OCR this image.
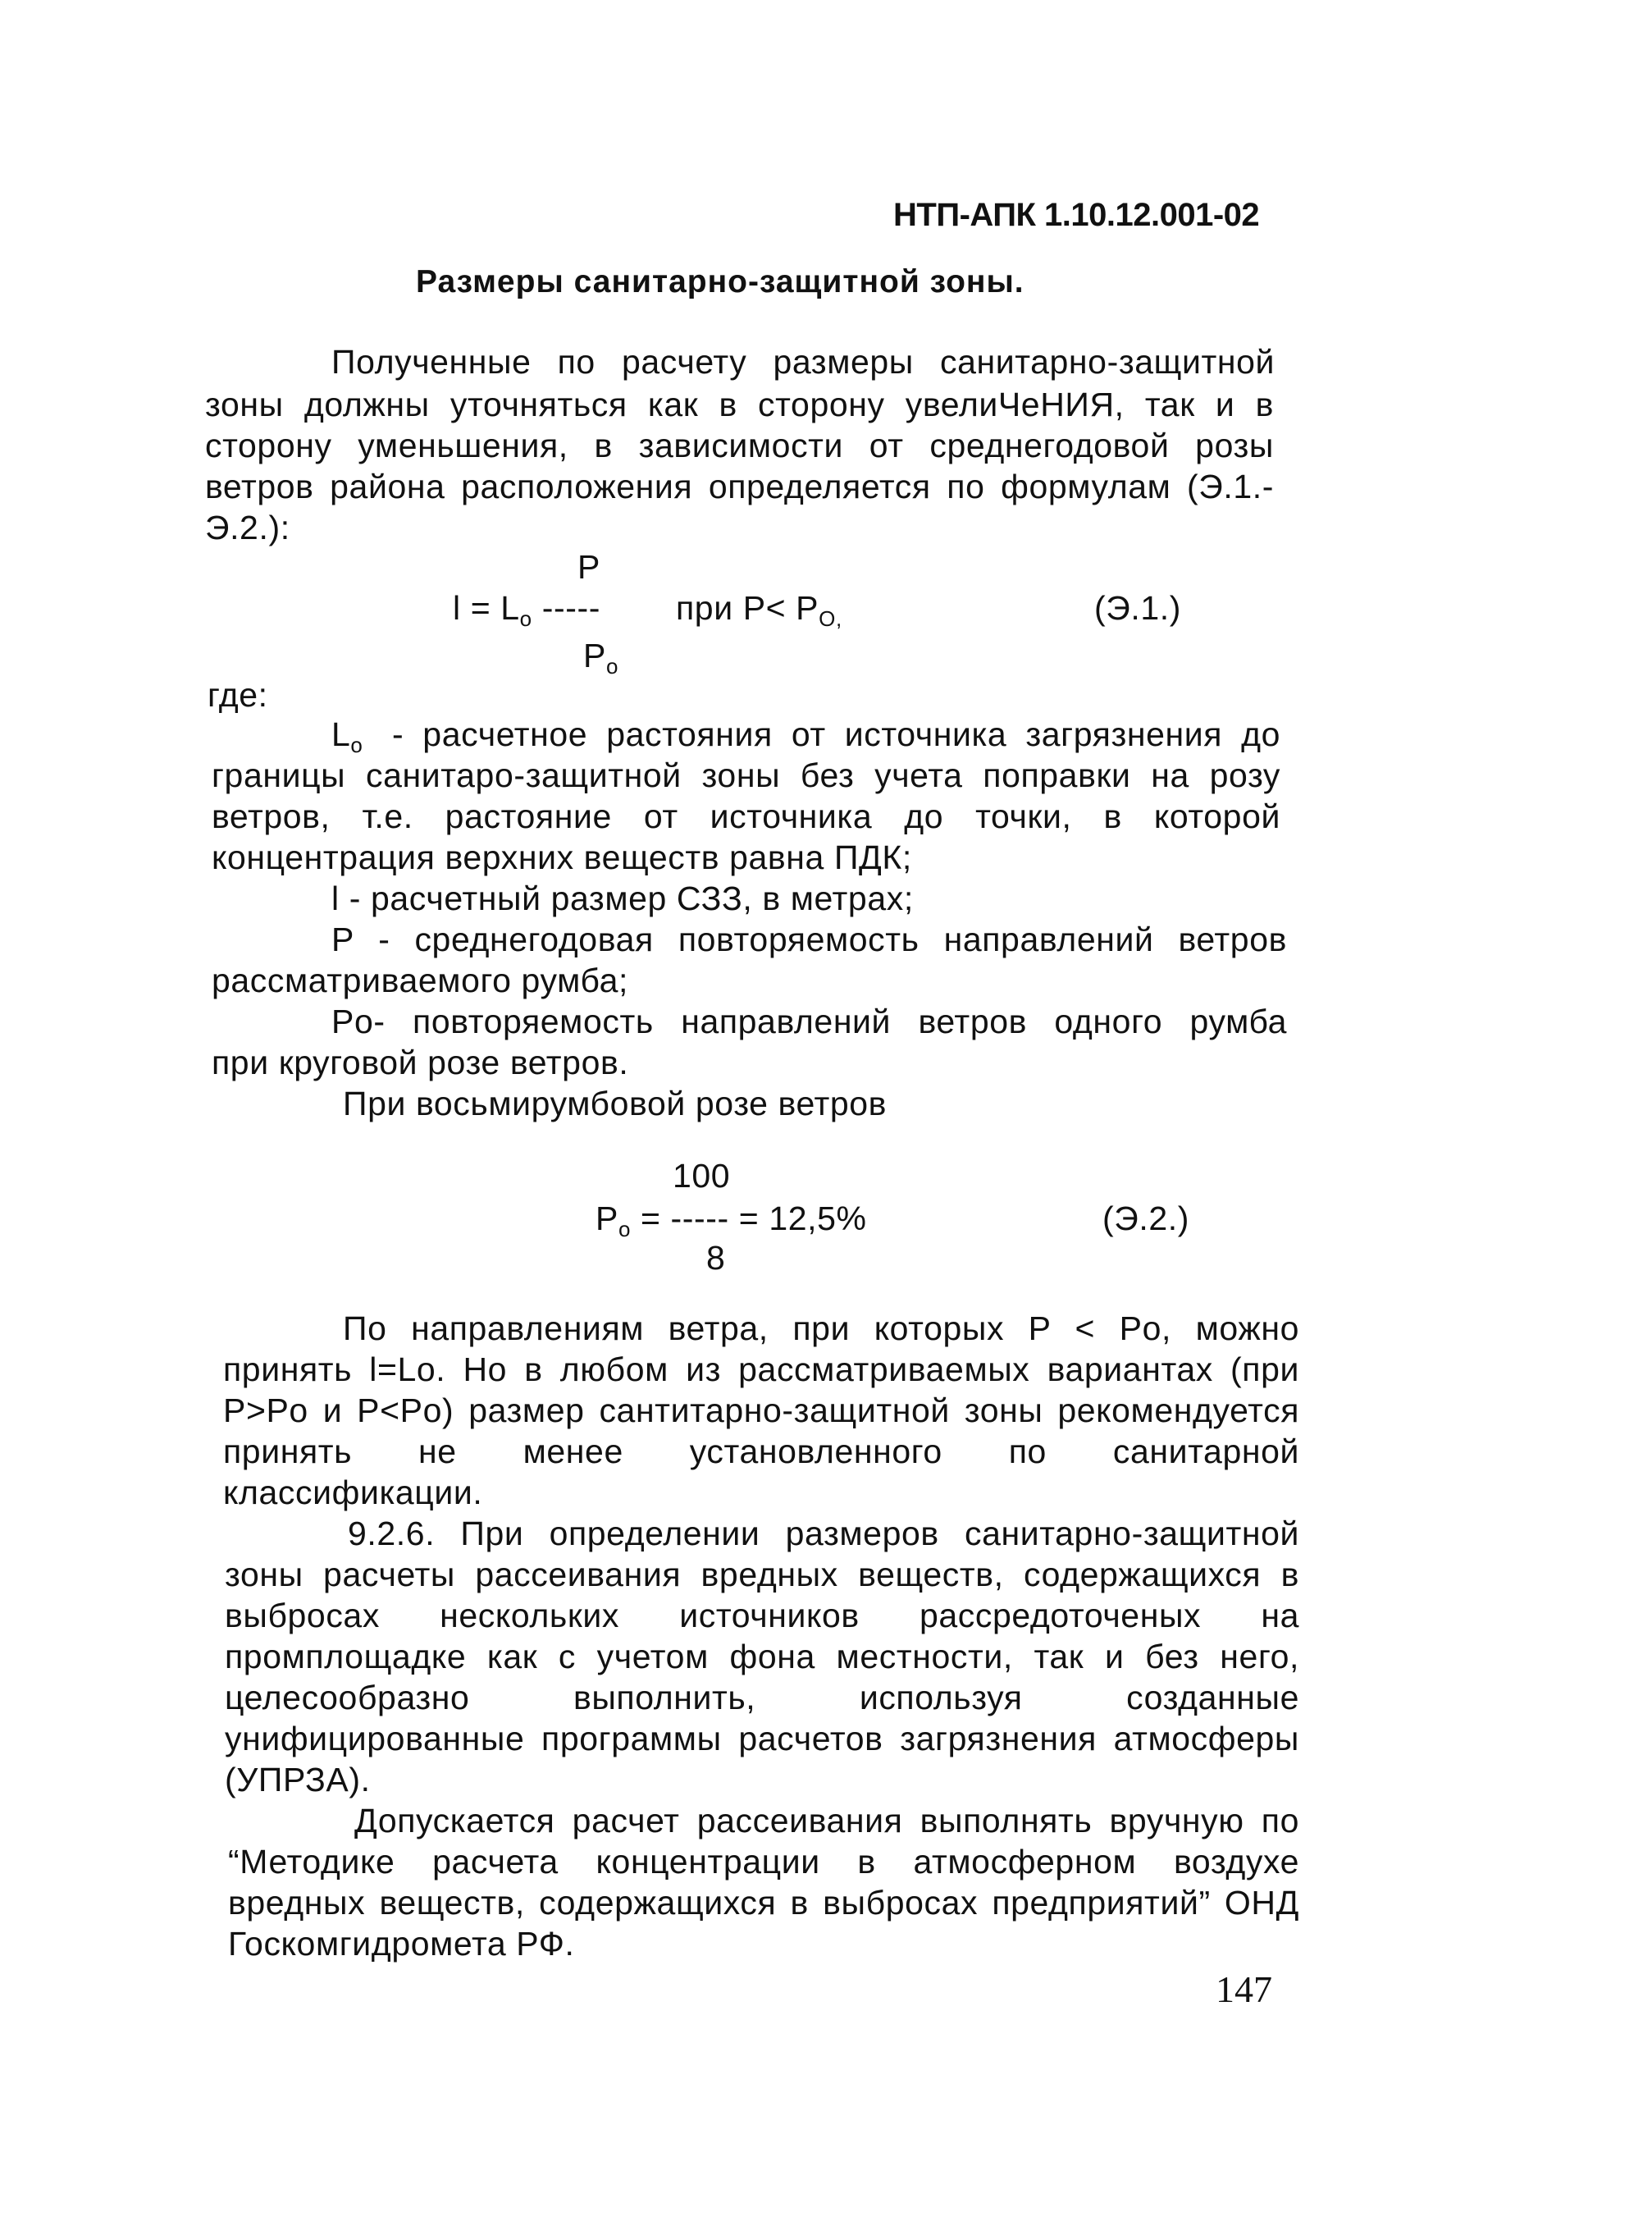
НТП-АПК 1.10.12.001-02
Размеры санитарно-защитной зоны.
Полученные по расчету размеры санитарно-защитной
зоны должны уточняться как в сторону увелиЧеНИЯ, так и в
сторону уменьшения, в зависимости от среднегодовой розы
ветров района расположения определяется по формулам (Э.1.-
Э.2.):
P
$l = L_o$ ----- при $P< P_{O,}$	(Э.1.)
$P_o$
где:
$L_o$ - расчетное растояния от источника загрязнения до
границы санитаро-защитной зоны без учета поправки на розу
ветров, т.е. растояние от источника до точки, в которой
концентрация верхних веществ равна ПДК;
l - расчетный размер СЗЗ, в метрах;
P - среднегодовая повторяемость направлений ветров
рассматриваемого румба;
Po- повторяемость направлений ветров одного румба
при круговой розе ветров.
При восьмирумбовой розе ветров
100
$P_o$ = ----- = 12,5%	(Э.2.)
8
По направлениям ветра, при которых P < Po, можно
принять l=Lo. Но в любом из рассматриваемых вариантах (при
P>Po и P<Po) размер сантитарно-защитной зоны рекомендуется
принять не менее установленного по санитарной
классификации.
9.2.6. При определении размеров санитарно-защитной
зоны расчеты рассеивания вредных веществ, содержащихся в
выбросах нескольких источников рассредоточеных на
промплощадке как с учетом фона местности, так и без него,
целесообразно выполнить, используя созданные
унифицированные программы расчетов загрязнения атмосферы
(УПРЗА).
Допускается расчет рассеивания выполнять вручную по
“Методике расчета концентрации в атмосферном воздухе
вредных веществ, содержащихся в выбросах предприятий” ОНД
Госкомгидромета РФ.
147
